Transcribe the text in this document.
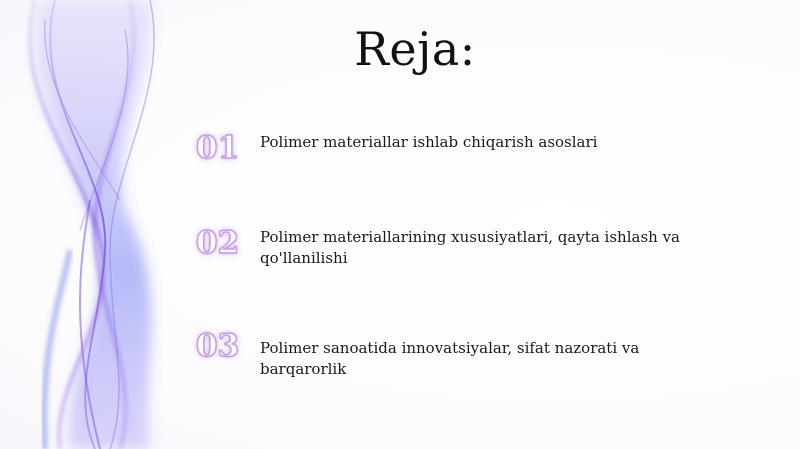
Reja:
01	Polimer materiallar ishlab chiqarish asoslari
02	Polimer materiallarining xususiyatlari, qayta ishlash va qo'llanilishi
03	Polimer sanoatida innovatsiyalar, sifat nazorati va barqarorlik
